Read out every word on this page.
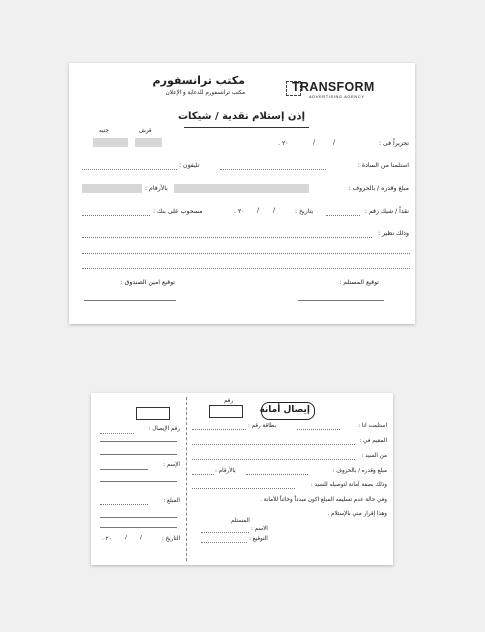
مكتب ترانسفورم
مكتب ترانسفورم للدعاية و الإعلان	TRANSFORM
ADVERTISING AGENCY
إذن إستلام نقدية / شيكات
قرش
جنيه
تحريراً فى :
/
/
٢٠ .
استلمنا من السادة :
تليفون :
مبلغ وقدره / بالحروف :
بالأرقام :
نقداً / شيك رقم :
بتاريخ :
/
/
٢٠ .
مسحوب على بنك :
وذلك نظير :
توقيع المستلم :
توقيع امين الصندوق :
رقم
إيصال أمانة
استلمت انا :
بطاقة رقم :
المقيم في :
من السيد :
مبلغ وقدره / بالحروف :
بالأرقام :
وذلك بصفة أمانة لتوصيله للسيد :
وفي حالة عدم تسليمه المبلغ اكون مبدداً وخائناً للأمانة .
وهذا إقرار مني بالإستلام .
المستلم
الاسم :
التوقيع :
رقم الإيصال :
الإسم :
المبلغ :
التاريخ :
/
/
٢٠ .
